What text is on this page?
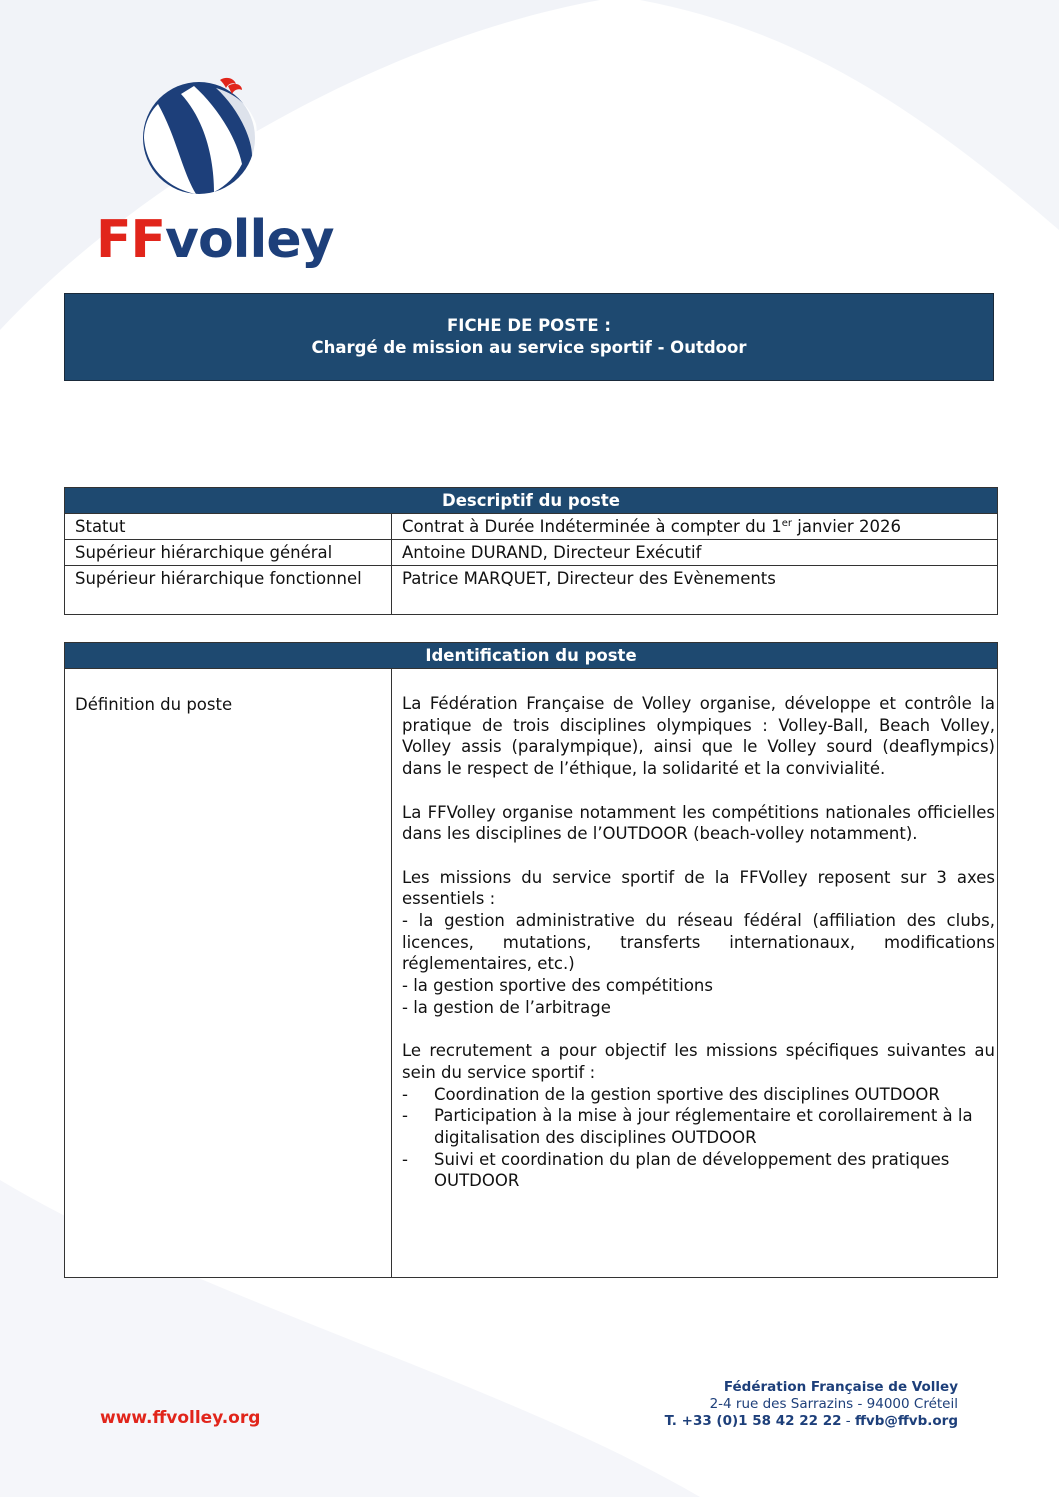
FFvolley
FICHE DE POSTE :
Chargé de mission au service sportif - Outdoor
Descriptif du poste	
Statut	Contrat à Durée Indéterminée à compter du 1er janvier 2026
Supérieur hiérarchique général	Antoine DURAND, Directeur Exécutif
Supérieur hiérarchique fonctionnel	Patrice MARQUET, Directeur des Evènements
Identification du poste
Définition du poste	La Fédération Française de Volley organise, développe et contrôle la pratique de trois disciplines olympiques : Volley-Ball, Beach Volley, Volley assis (paralympique), ainsi que le Volley sourd (deaflympics) dans le respect de l’éthique, la solidarité et la convivialité.

La FFVolley organise notamment les compétitions nationales officielles dans les disciplines de l’OUTDOOR (beach-volley notamment).

Les missions du service sportif de la FFVolley reposent sur 3 axes essentiels :
- la gestion administrative du réseau fédéral (affiliation des clubs, licences, mutations, transferts internationaux, modifications réglementaires, etc.)
- la gestion sportive des compétitions

- la gestion de l’arbitrage

Le recrutement a pour objectif les missions spécifiques suivantes au sein du service sportif :
- Coordination de la gestion sportive des disciplines OUTDOOR
- Participation à la mise à jour réglementaire et corollairement à la digitalisation des disciplines OUTDOOR
- Suivi et coordination du plan de développement des pratiques OUTDOOR
www.ffvolley.org
Fédération Française de Volley
2-4 rue des Sarrazins - 94000 Créteil
T. +33 (0)1 58 42 22 22 - ffvb@ffvb.org
